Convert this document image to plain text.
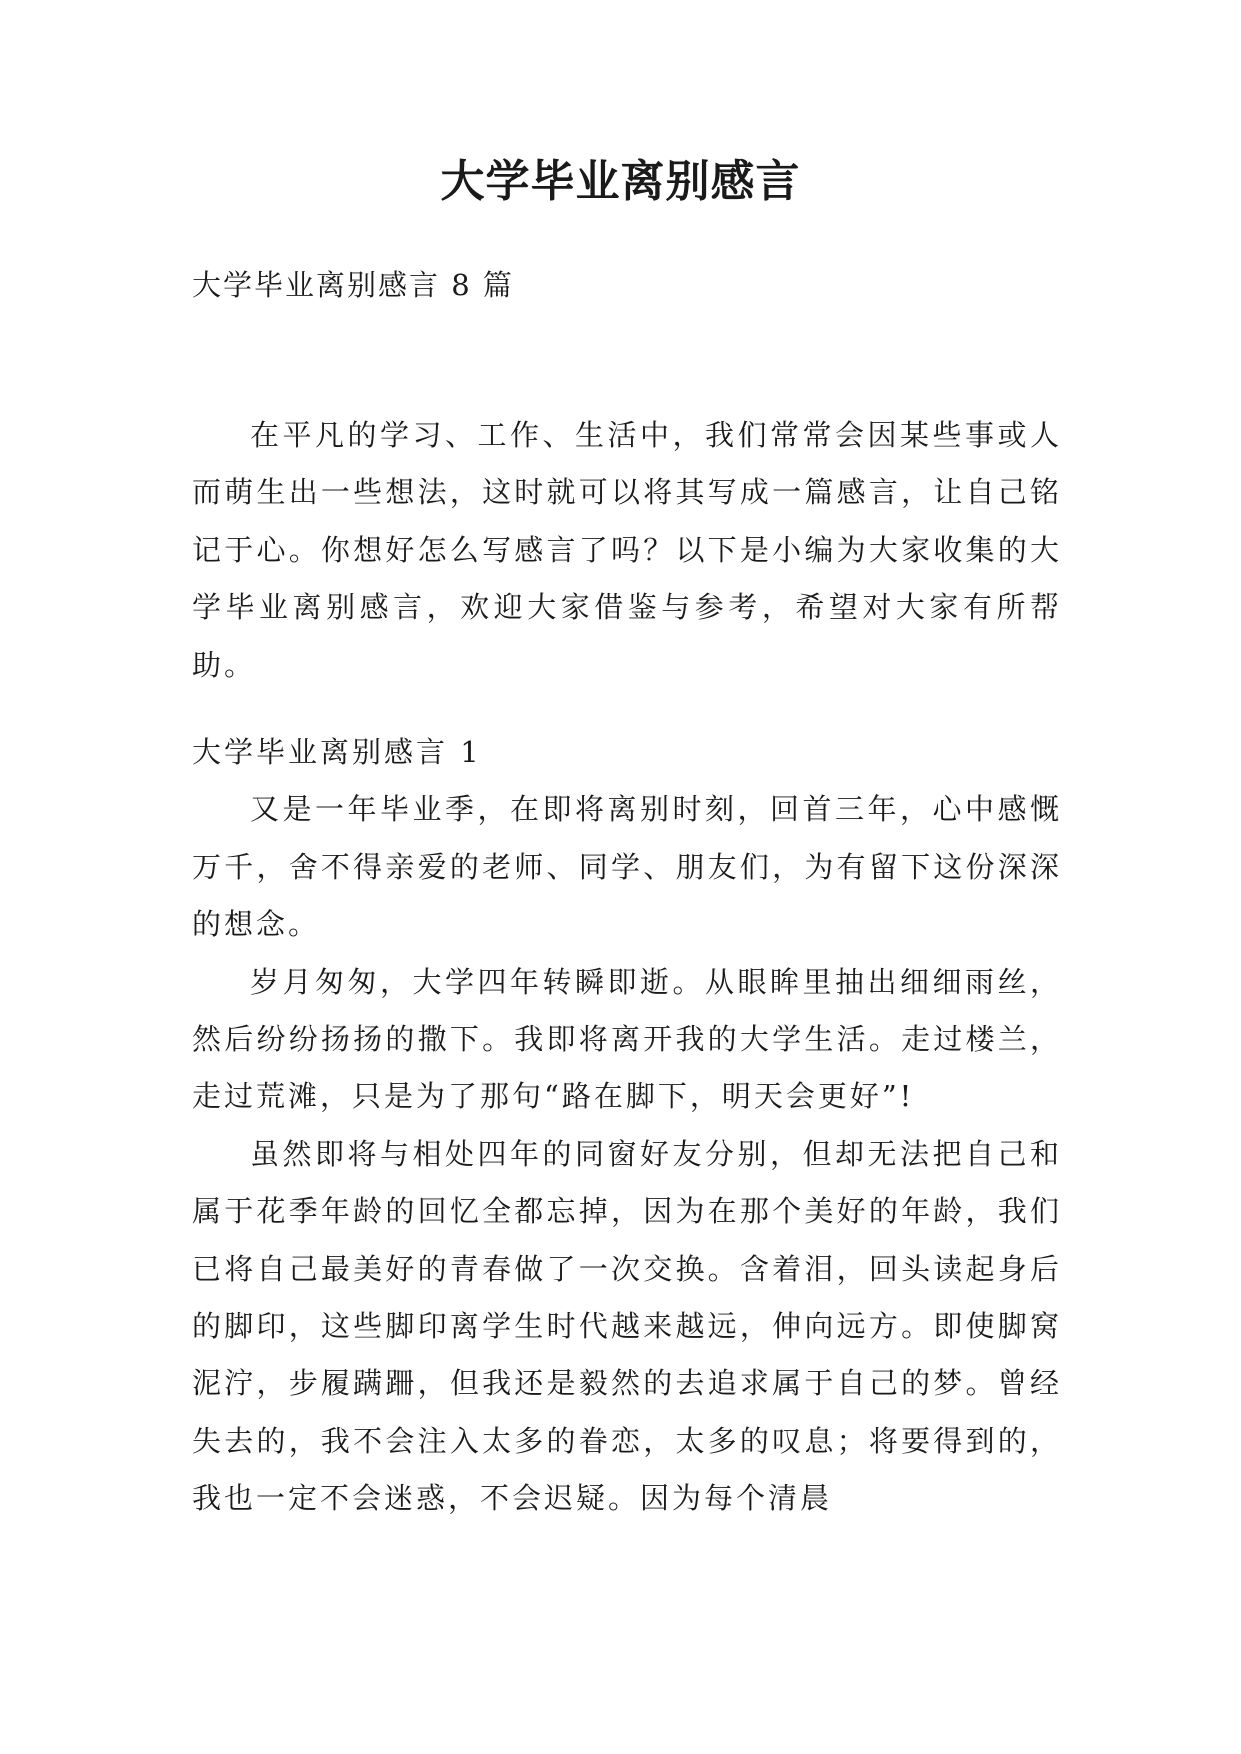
大学毕业离别感言
大学毕业离别感言 8 篇

在平凡的学习、工作、生活中，我们常常会因某些事或人而萌生出一些想法，这时就可以将其写成一篇感言，让自己铭记于心。你想好怎么写感言了吗？以下是小编为大家收集的大学毕业离别感言，欢迎大家借鉴与参考，希望对大家有所帮助。

大学毕业离别感言 1

又是一年毕业季，在即将离别时刻，回首三年，心中感慨万千，舍不得亲爱的老师、同学、朋友们，为有留下这份深深的想念。

岁月匆匆，大学四年转瞬即逝。从眼眸里抽出细细雨丝，然后纷纷扬扬的撒下。我即将离开我的大学生活。走过楼兰，走过荒滩，只是为了那句“路在脚下，明天会更好”!

虽然即将与相处四年的同窗好友分别，但却无法把自己和属于花季年龄的回忆全都忘掉，因为在那个美好的年龄，我们已将自己最美好的青春做了一次交换。含着泪，回头读起身后的脚印，这些脚印离学生时代越来越远，伸向远方。即使脚窝泥泞，步履蹒跚，但我还是毅然的去追求属于自己的梦。曾经失去的，我不会注入太多的眷恋，太多的叹息；将要得到的，我也一定不会迷惑，不会迟疑。因为每个清晨
